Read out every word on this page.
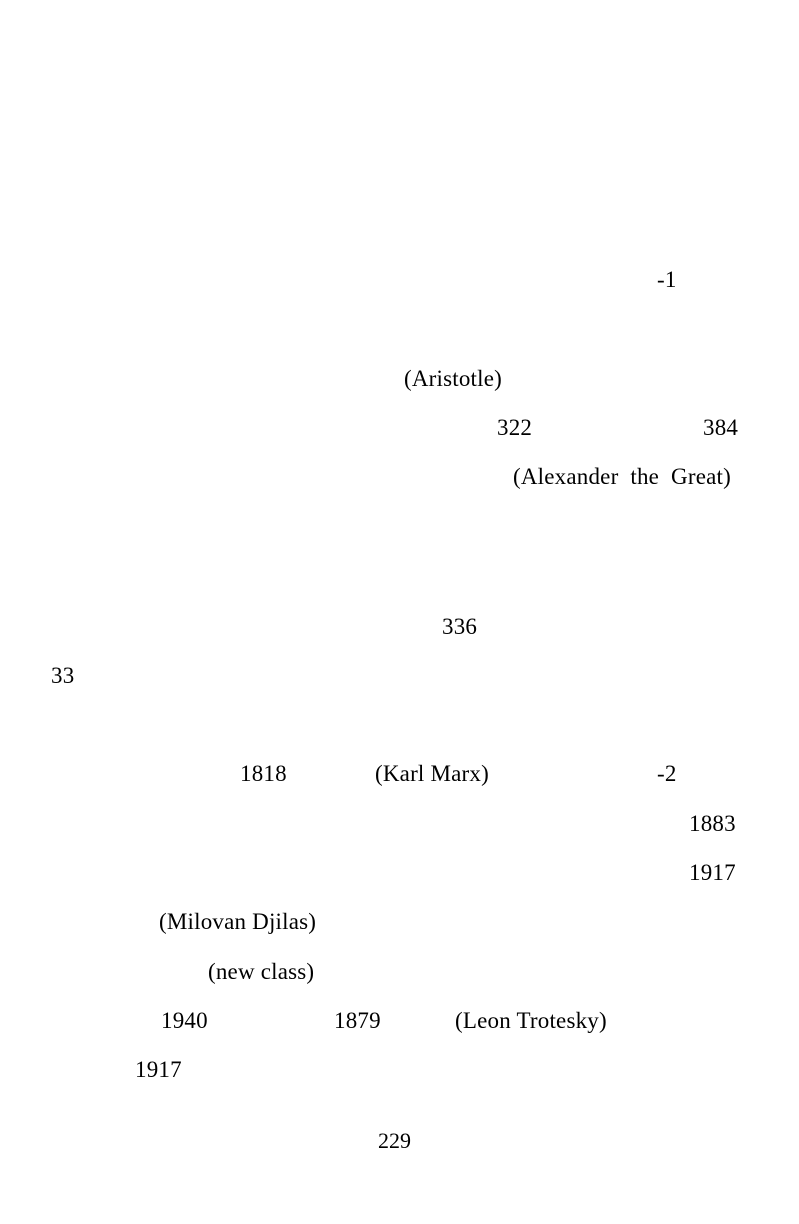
-1
(Aristotle)
322	384
(Alexander the Great)
336
33
1818	(Karl Marx)	-2
1883
1917
(Milovan Djilas)
(new class)
1940	1879	(Leon Trotesky)
1917
229
